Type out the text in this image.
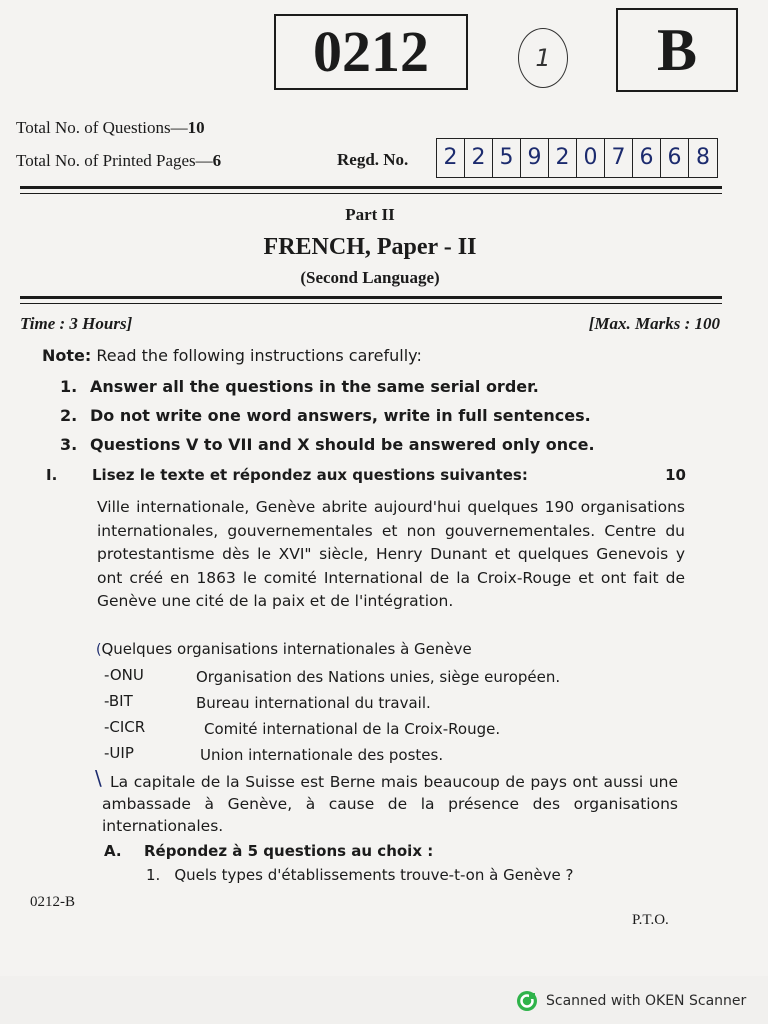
0212	1	B
Total No. of Questions—10
Total No. of Printed Pages—6	Regd. No. 2 2 5 9 2 0 7 6 6 8
Part II
FRENCH, Paper - II
(Second Language)
Time : 3 Hours]	[Max. Marks : 100
Note: Read the following instructions carefully:
1. Answer all the questions in the same serial order.
2. Do not write one word answers, write in full sentences.
3. Questions V to VII and X should be answered only once.
I. Lisez le texte et répondez aux questions suivantes:	10
Ville internationale, Genève abrite aujourd'hui quelques 190 organisations internationales, gouvernementales et non gouvernementales. Centre du protestantisme dès le XVI" siècle, Henry Dunant et quelques Genevois y ont créé en 1863 le comité International de la Croix-Rouge et ont fait de Genève une cité de la paix et de l'intégration.
(Quelques organisations internationales à Genève
-ONU	Organisation des Nations unies, siège européen.
-BIT	Bureau international du travail.
-CICR	Comité international de la Croix-Rouge.
-UIP	Union internationale des postes.
\ La capitale de la Suisse est Berne mais beaucoup de pays ont aussi une ambassade à Genève, à cause de la présence des organisations internationales.
A. Répondez à 5 questions au choix :
1. Quels types d'établissements trouve-t-on à Genève ?
0212-B
P.T.O.
Scanned with OKEN Scanner
